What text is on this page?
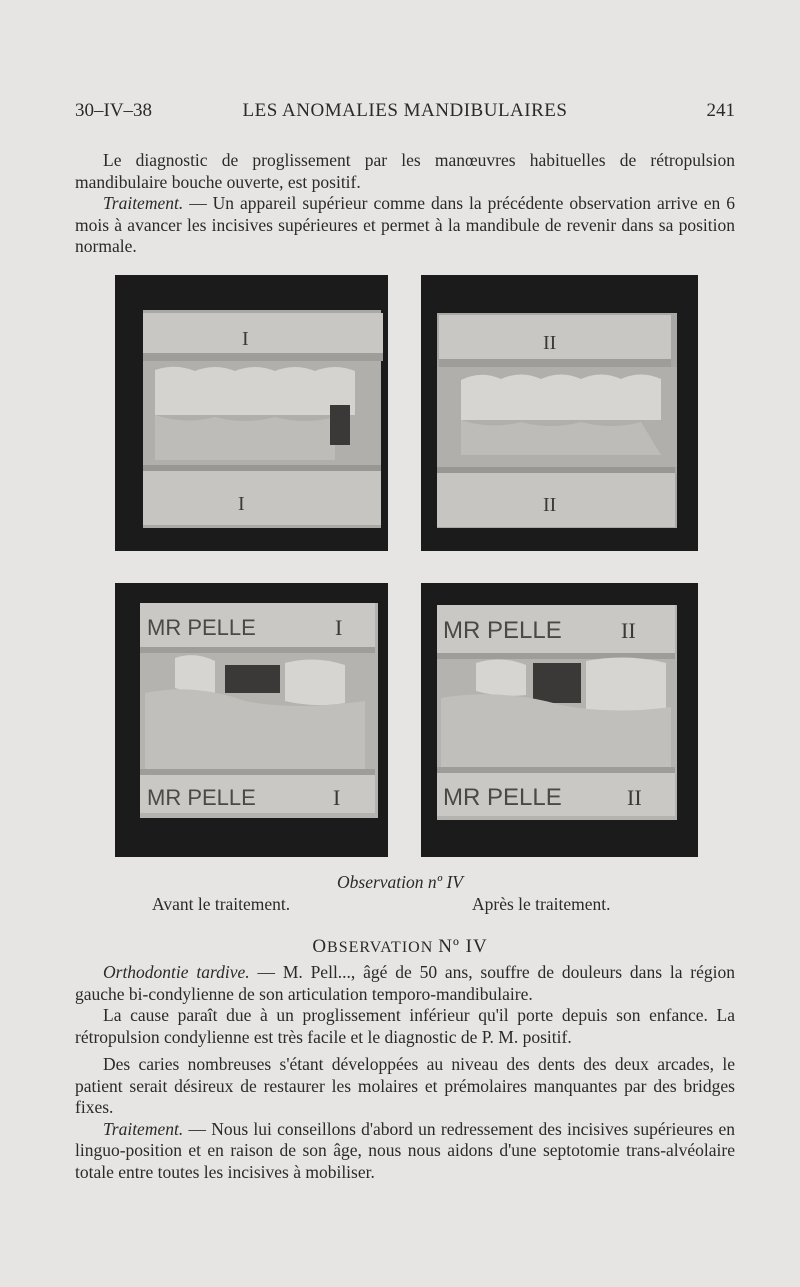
30–IV–38	LES ANOMALIES MANDIBULAIRES	241

Le diagnostic de proglissement par les manœuvres habituelles de rétropulsion mandibulaire bouche ouverte, est positif.

Traitement. — Un appareil supérieur comme dans la précédente observation arrive en 6 mois à avancer les incisives supérieures et permet à la mandibule de revenir dans sa position normale.

I
I
II
II
MR PELLE	I
MR PELLE	I
MR PELLE	II
MR PELLE	II
Observation nº IV
Avant le traitement.	Après le traitement.
OBSERVATION Nº IV

Orthodontie tardive. — M. Pell..., âgé de 50 ans, souffre de douleurs dans la région gauche bi-condylienne de son articulation temporo-mandibulaire.

La cause paraît due à un proglissement inférieur qu'il porte depuis son enfance. La rétropulsion condylienne est très facile et le diagnostic de P. M. positif.

Des caries nombreuses s'étant développées au niveau des dents des deux arcades, le patient serait désireux de restaurer les molaires et prémolaires manquantes par des bridges fixes.

Traitement. — Nous lui conseillons d'abord un redressement des incisives supérieures en linguo-position et en raison de son âge, nous nous aidons d'une septotomie trans-alvéolaire totale entre toutes les incisives à mobiliser.
